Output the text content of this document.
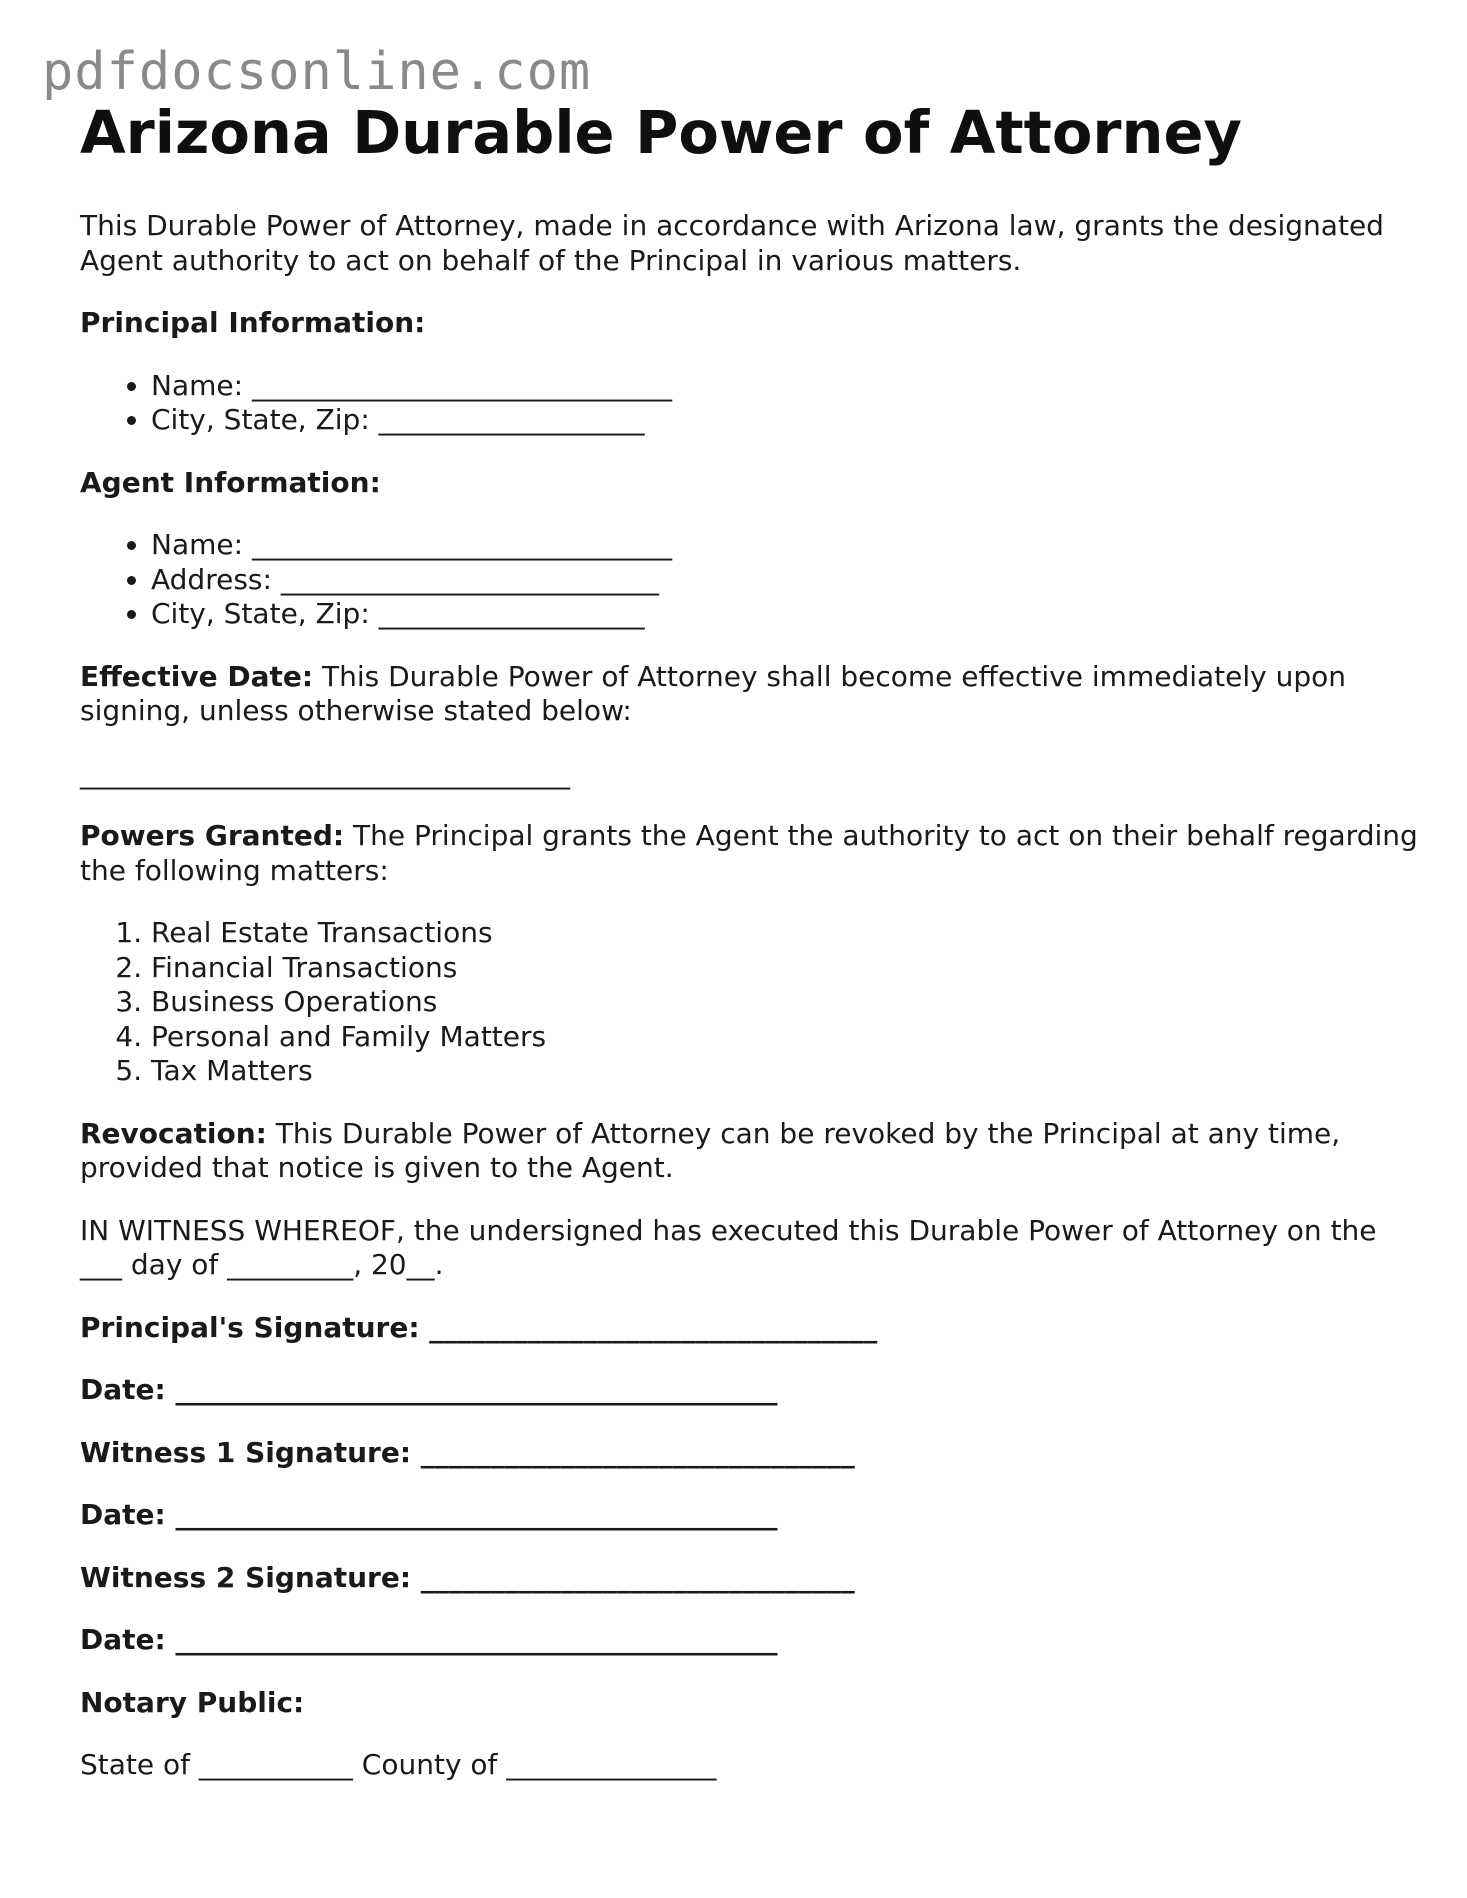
pdfdocsonline.com
Arizona Durable Power of Attorney

This Durable Power of Attorney, made in accordance with Arizona law, grants the designated Agent authority to act on behalf of the Principal in various matters.

Principal Information:

• Name: ______________________________
• City, State, Zip: ___________________

Agent Information:

• Name: ______________________________
• Address: ___________________________
• City, State, Zip: ___________________

Effective Date: This Durable Power of Attorney shall become effective immediately upon signing, unless otherwise stated below:

___________________________________

Powers Granted: The Principal grants the Agent the authority to act on their behalf regarding the following matters:

1. Real Estate Transactions
2. Financial Transactions
3. Business Operations
4. Personal and Family Matters
5. Tax Matters

Revocation: This Durable Power of Attorney can be revoked by the Principal at any time, provided that notice is given to the Agent.

IN WITNESS WHEREOF, the undersigned has executed this Durable Power of Attorney on the ___ day of _________, 20__.

Principal's Signature: ________________________________

Date: ___________________________________________

Witness 1 Signature: _______________________________

Date: ___________________________________________

Witness 2 Signature: _______________________________

Date: ___________________________________________

Notary Public:

State of ___________ County of _______________
